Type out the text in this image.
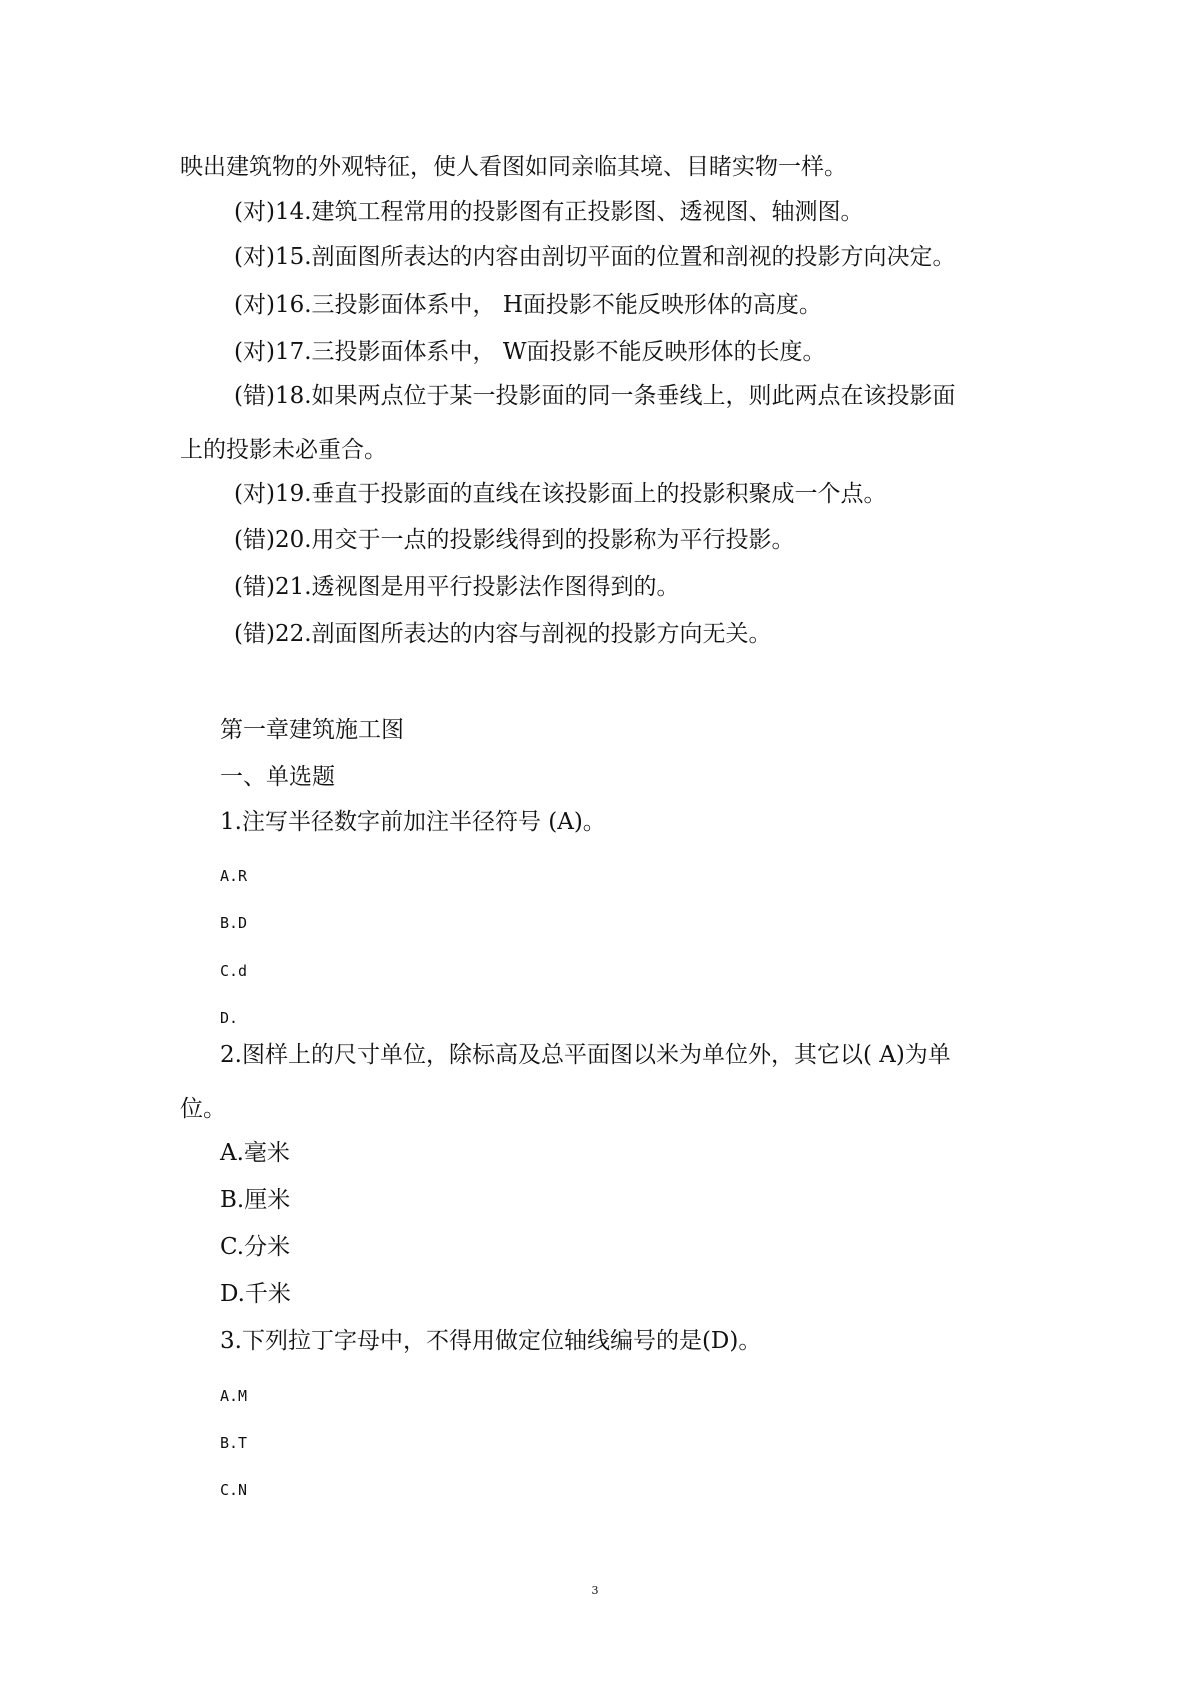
映出建筑物的外观特征，使人看图如同亲临其境、目睹实物一样。
(对)14.建筑工程常用的投影图有正投影图、透视图、轴测图。
(对)15.剖面图所表达的内容由剖切平面的位置和剖视的投影方向决定。
(对)16.三投影面体系中， H面投影不能反映形体的高度。
(对)17.三投影面体系中， W面投影不能反映形体的长度。
(错)18.如果两点位于某一投影面的同一条垂线上，则此两点在该投影面
上的投影未必重合。
(对)19.垂直于投影面的直线在该投影面上的投影积聚成一个点。
(错)20.用交于一点的投影线得到的投影称为平行投影。
(错)21.透视图是用平行投影法作图得到的。
(错)22.剖面图所表达的内容与剖视的投影方向无关。
第一章建筑施工图
一、单选题
1.注写半径数字前加注半径符号 (A)。
A.R
B.D
C.d
D.
2.图样上的尺寸单位，除标高及总平面图以米为单位外，其它以( A)为单
位。
A.毫米
B.厘米
C.分米
D.千米
3.下列拉丁字母中，不得用做定位轴线编号的是(D)。
A.M
B.T
C.N
3
